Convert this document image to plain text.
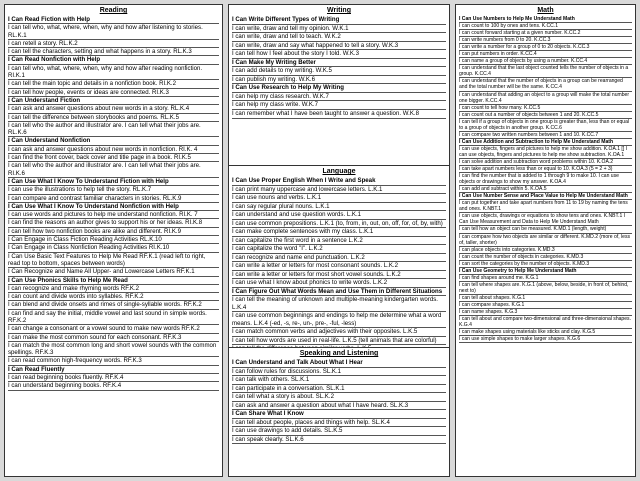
Reading
I Can Read Fiction with Help
I can tell who, what, where, when, why and how after listening to stories. RL.K.1
I can retell a story. RL.K.2
I can tell the characters, setting and what happens in a story. RL.K.3
I Can Read Nonfiction with Help
I can tell who, what, where, when, why and how after reading nonfiction. RI.K.1
I can tell the main topic and details in a nonfiction book. RI.K.2
I can tell how people, events or ideas are connected. RI.K.3
I Can Understand Fiction
I can ask and answer questions about new words in a story. RL.K.4
I can tell the difference between storybooks and poems. RL.K.5
I can tell who the author and illustrator are. I can tell what their jobs are. RL.K.6
I Can Understand Nonfiction
I can ask and answer questions about new words in nonfiction. RI.K. 4
I can find the front cover, back cover and title page in a book. RI.K.5
I can tell who the author and illustrator are. I can tell what their jobs are. RI.K.6
I Can Use What I Know To Understand Fiction with Help
I can use the illustrations to help tell the story. RL.K.7
I can compare and contrast familiar characters in stories. RL.K.9
I Can Use What I Know To Understand Nonfiction with Help
I can use words and pictures to help me understand nonfiction. RI.K. 7
I can find the reasons an author gives to support his or her ideas. RI.K.8
I can tell how two nonfiction books are alike and different. RI.K.9
I Can Engage in Class Fiction Reading Activities RL.K.10
I Can Engage in Class Nonfiction Reading Activities RI.K.10
I Can Use Basic Text Features to Help Me Read RF.K.1 (read left to right, read top to bottom, spaces between words)
I Can Recognize and Name All Upper- and Lowercase Letters RF.K.1
I Can Use Phonics Skills to Help Me Read
I can recognize and make rhyming words RF.K.2
I can count and divide words into syllables. RF.K.2
I can blend and divide onsets and rimes of single-syllable words. RF.K.2
I can find and say the initial, middle vowel and last sound in simple words. RF.K.2
I can change a consonant or a vowel sound to make new words RF.K.2
I can make the most common sound for each consonant. RF.K.3
I can match the most common long and short vowel sounds with the common spellings. RF.K.3
I can read common high-frequency words. RF.K.3
I Can Read Fluently
I can read beginning books fluently. RF.K.4
I can understand beginning books. RF.K.4
Writing
I Can Write Different Types of Writing
I can write, draw and tell my opinion. W.K.1
I can write, draw and tell to teach. W.K.2
I can write, draw and say what happened to tell a story. W.K.3
I can tell how I feel about the story I told. W.K.3
I Can Make My Writing Better
I can add details to my writing. W.K.5
I can publish my writing. W.K.6
I Can Use Research to Help My Writing
I can help my class research. W.K.7
I can help my class write. W.K.7
I can remember what I have been taught to answer a question. W.K.8
Language
I Can Use Proper English When I Write and Speak
I can print many uppercase and lowercase letters. L.K.1
I can use nouns and verbs. L.K.1
I can say regular plural nouns. L.K.1
I can understand and use question words. L.K.1
I can use common prepositions. L.K.1 (to, from, in, out, on, off, for, of, by, with)
I can make complete sentences with my class. L.K.1
I can capitalize the first word in a sentence L.K.2
I can capitalize the word "I". L.K.2
I can recognize and name end punctuation. L.K.2
I can write a letter or letters for most consonant sounds. L.K.2
I can write a letter or letters for most short vowel sounds. L.K.2
I can use what I know about phonics to write words. L.K.2
I Can Figure Out What Words Mean and Use Them in Different Situations
I can tell the meaning of unknown and multiple-meaning kindergarten words. L.K.4
I can use common beginnings and endings to help me determine what a word means. L.K.4 (-ed, -s, re-, un-, pre-, -ful, -less)
I can match common verbs and adjectives with their opposites. L.K.5
I can tell how words are used in real-life. L.K.5 (tell animals that are colorful)
Speaking and Listening
I Can Understand and Talk About What I Hear
I can follow rules for discussions. SL.K.1
I can talk with others. SL.K.1
I can participate in a conversation. SL.K.1
I can tell what a story is about. SL.K.2
I can ask and answer a question about what I have heard. SL.K.3
I Can Share What I Know
I can tell about people, places and things with help. SL.K.4
I can use drawings to add details. SL.K.5
I can speak clearly. SL.K.6
Math
I Can Use Numbers to Help Me Understand Math
I can count to 100 by ones and tens. K.CC.1
I can count forward starting at a given number. K.CC.2
I can write numbers from 0 to 20. K.CC.3
I can write a number for a group of 0 to 20 objects. K.CC.3
I can put numbers in order. K.CC.4
I can name a group of objects by using a number. K.CC.4
I can understand that the last object counted tells the number of objects in a group. K.CC.4
I can understand that the number of objects in a group can be rearranged and the total number will be the same. K.CC.4
I can understand that adding an object to a group will make the total number one bigger. K.CC.4
I can count to tell how many. K.CC.5
I can count out a number of objects between 1 and 20. K.CC.5
I can tell if a group of objects in one group is greater than, less than or equal to a group of objects in another group. K.CC.6
I can compare two written numbers between 1 and 10. K.CC.7
I Can Use Addition and Subtraction to Help Me Understand Math
I can use objects, fingers and pictures to help me show addition. K.OA.1 [] I can use objects, fingers and pictures to help me show subtraction. K.OA.1
I can solve addition and subtraction word problems within 10. K.OA.2
I can take apart numbers less than or equal to 10. K.OA.3 (5 = 2 + 3)
I can find the number that is added to 1 through 9 to make 10. I can use objects or drawings to show my answer. K.OA.4
I can add and subtract within 5. K.OA.5
I Can Use Number Sense and Place Value to Help Me Understand Math
I can put together and take apart numbers from 11 to 19 by naming the tens and ones. K.NBT.1
I can use objects, drawings or equations to show tens and ones. K.NBT.1 I Can Use Measurement and Data to Help Me Understand Math
I can tell how an object can be measured. K.MD.1 (length, weight)
I can compare how two objects are similar or different. K.MD.2 (more of, less of, taller, shorter)
I can place objects into categories. K.MD.3
I can count the number of objects in categories. K.MD.3
I can sort the categories by the number of objects. K.MD.3
I Can Use Geometry to Help Me Understand Math
I can find shapes around me. K.G.1
I can tell where shapes are. K.G.1 (above, below, beside, in front of, behind, next to)
I can tell about shapes. K.G.1
I can compare shapes. K.G.1
I can name shapes. K.G.3
I can tell about and compare two-dimensional and three-dimensional shapes. K.G.4
I can make shapes using materials like sticks and clay. K.G.5
I can use simple shapes to make larger shapes. K.G.6
